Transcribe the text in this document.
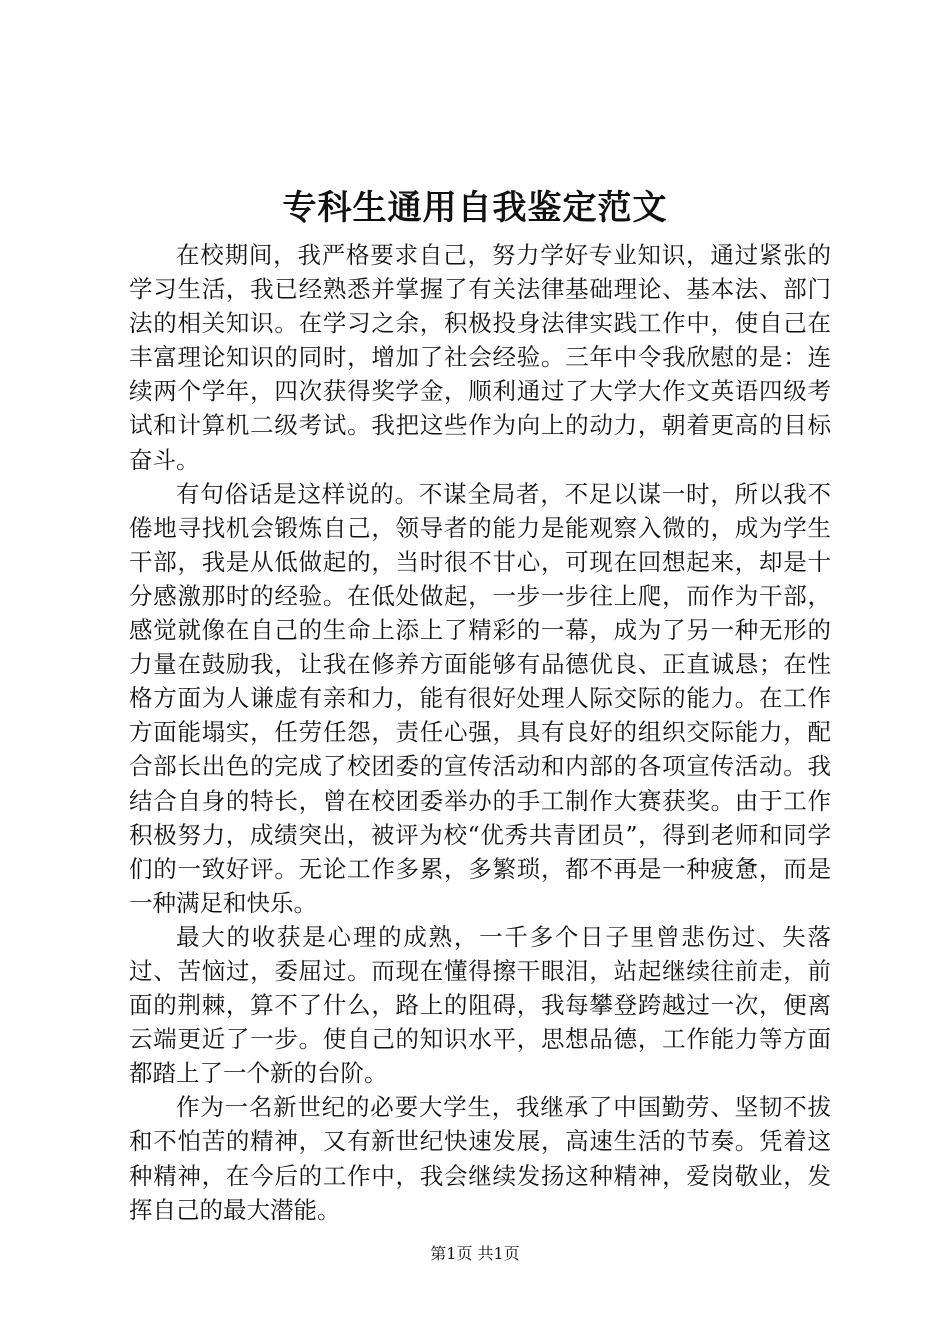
专科生通用自我鉴定范文

在校期间，我严格要求自己，努力学好专业知识，通过紧张的学习生活，我已经熟悉并掌握了有关法律基础理论、基本法、部门法的相关知识。在学习之余，积极投身法律实践工作中，使自己在丰富理论知识的同时，增加了社会经验。三年中令我欣慰的是：连续两个学年，四次获得奖学金，顺利通过了大学大作文英语四级考试和计算机二级考试。我把这些作为向上的动力，朝着更高的目标奋斗。

有句俗话是这样说的。不谋全局者，不足以谋一时，所以我不倦地寻找机会锻炼自己，领导者的能力是能观察入微的，成为学生干部，我是从低做起的，当时很不甘心，可现在回想起来，却是十分感激那时的经验。在低处做起，一步一步往上爬，而作为干部，感觉就像在自己的生命上添上了精彩的一幕，成为了另一种无形的力量在鼓励我，让我在修养方面能够有品德优良、正直诚恳；在性格方面为人谦虚有亲和力，能有很好处理人际交际的能力。在工作方面能塌实，任劳任怨，责任心强，具有良好的组织交际能力，配合部长出色的完成了校团委的宣传活动和内部的各项宣传活动。我结合自身的特长，曾在校团委举办的手工制作大赛获奖。由于工作积极努力，成绩突出，被评为校“优秀共青团员”，得到老师和同学们的一致好评。无论工作多累，多繁琐，都不再是一种疲惫，而是一种满足和快乐。

最大的收获是心理的成熟，一千多个日子里曾悲伤过、失落过、苦恼过，委屈过。而现在懂得擦干眼泪，站起继续往前走，前面的荆棘，算不了什么，路上的阻碍，我每攀登跨越过一次，便离云端更近了一步。使自己的知识水平，思想品德，工作能力等方面都踏上了一个新的台阶。

作为一名新世纪的必要大学生，我继承了中国勤劳、坚韧不拔和不怕苦的精神，又有新世纪快速发展，高速生活的节奏。凭着这种精神，在今后的工作中，我会继续发扬这种精神，爱岗敬业，发挥自己的最大潜能。

第1页 共1页
